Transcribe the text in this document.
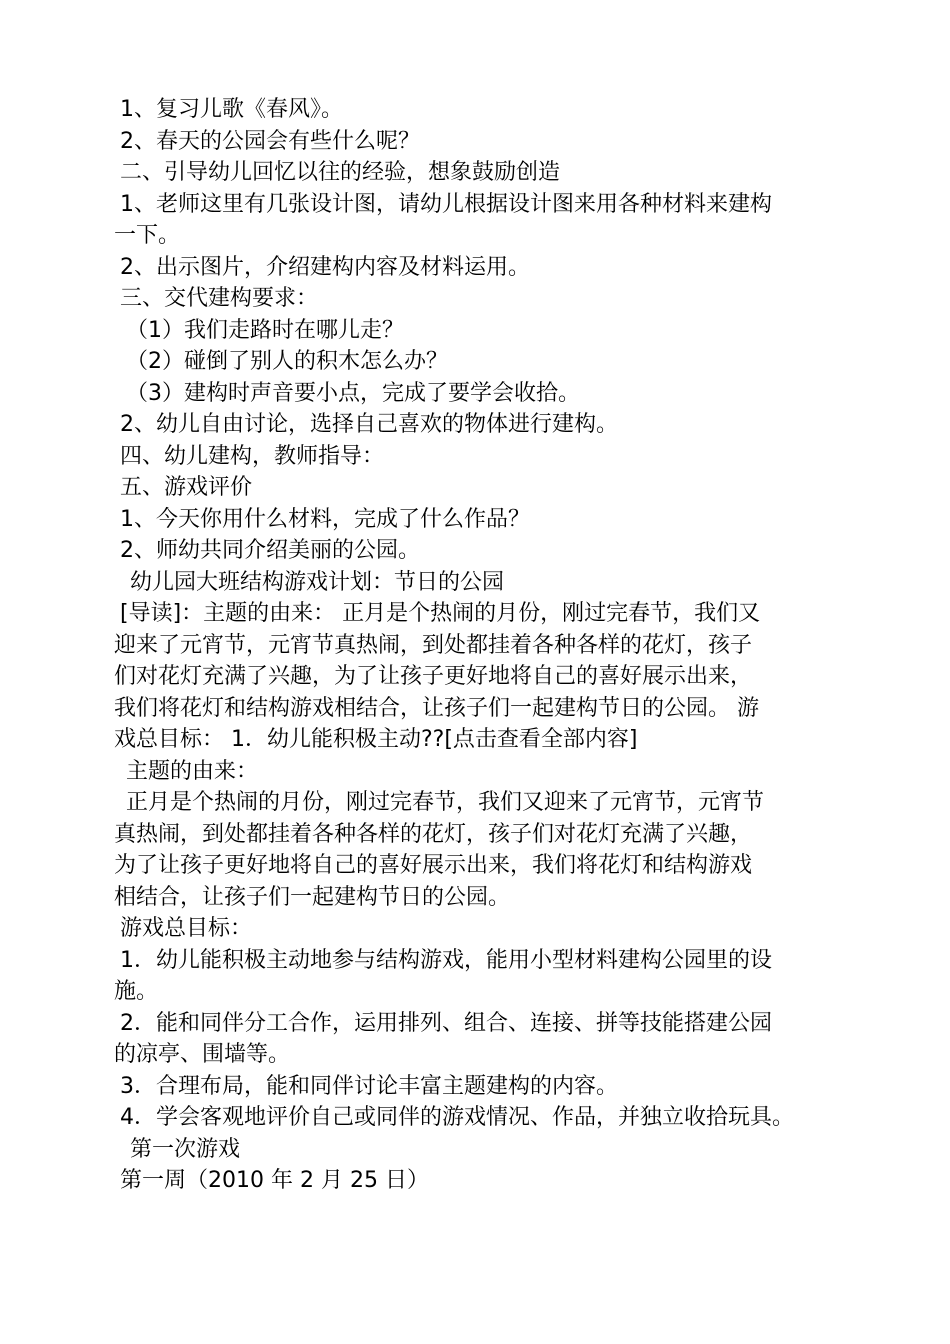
1、复习儿歌《春风》。
2、春天的公园会有些什么呢？
二、引导幼儿回忆以往的经验，想象鼓励创造
1、老师这里有几张设计图，请幼儿根据设计图来用各种材料来建构
一下。
2、出示图片，介绍建构内容及材料运用。
三、交代建构要求：
（1）我们走路时在哪儿走？
（2）碰倒了别人的积木怎么办？
（3）建构时声音要小点，完成了要学会收拾。
2、幼儿自由讨论，选择自己喜欢的物体进行建构。
四、幼儿建构，教师指导：
五、游戏评价
1、今天你用什么材料，完成了什么作品？
2、师幼共同介绍美丽的公园。
幼儿园大班结构游戏计划：节日的公园
[导读]：主题的由来： 正月是个热闹的月份，刚过完春节，我们又
迎来了元宵节，元宵节真热闹，到处都挂着各种各样的花灯，孩子
们对花灯充满了兴趣，为了让孩子更好地将自己的喜好展示出来，
我们将花灯和结构游戏相结合，让孩子们一起建构节日的公园。 游
戏总目标： 1．幼儿能积极主动??[点击查看全部内容]
主题的由来：
正月是个热闹的月份，刚过完春节，我们又迎来了元宵节，元宵节
真热闹，到处都挂着各种各样的花灯，孩子们对花灯充满了兴趣，
为了让孩子更好地将自己的喜好展示出来，我们将花灯和结构游戏
相结合，让孩子们一起建构节日的公园。
游戏总目标：
1．幼儿能积极主动地参与结构游戏，能用小型材料建构公园里的设
施。
2．能和同伴分工合作，运用排列、组合、连接、拼等技能搭建公园
的凉亭、围墙等。
3．合理布局，能和同伴讨论丰富主题建构的内容。
4．学会客观地评价自己或同伴的游戏情况、作品，并独立收拾玩具。
第一次游戏
第一周（2010 年 2 月 25 日）
